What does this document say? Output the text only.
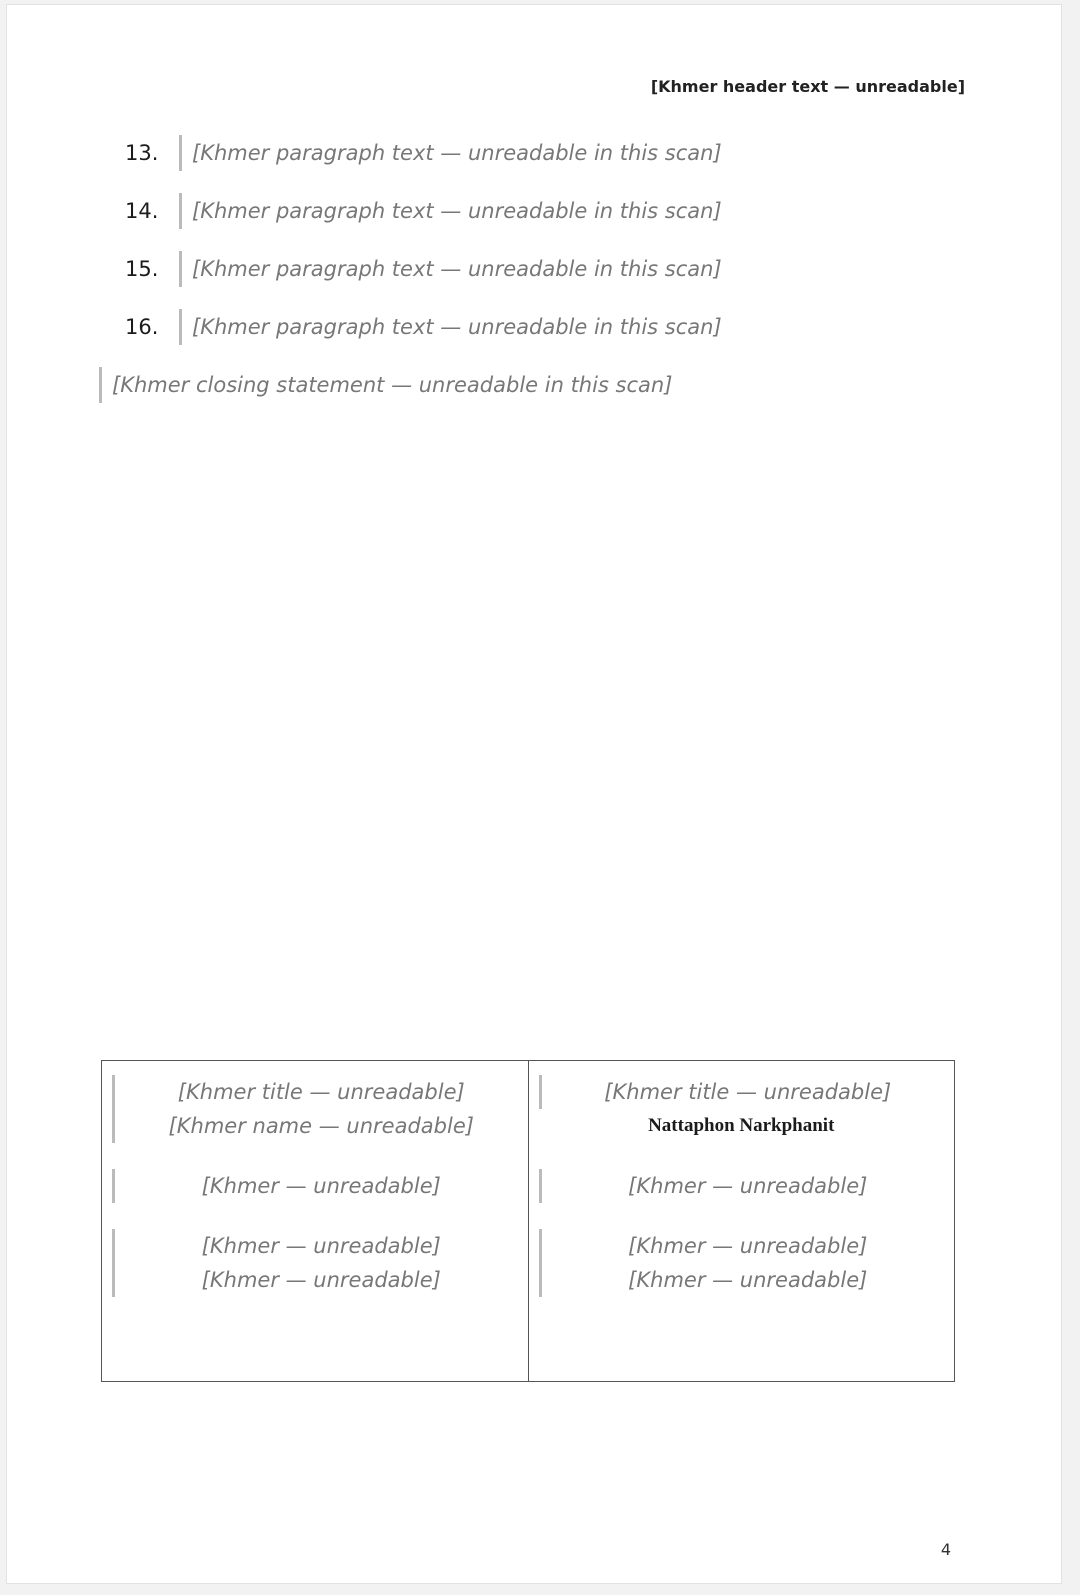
[Khmer header text — unreadable]
13.	[Khmer paragraph text — unreadable in this scan]
14.	[Khmer paragraph text — unreadable in this scan]
15.	[Khmer paragraph text — unreadable in this scan]
16.	[Khmer paragraph text — unreadable in this scan]
[Khmer closing statement — unreadable in this scan]
[Khmer title — unreadable]
[Khmer name — unreadable]
[Khmer — unreadable]
[Khmer — unreadable]
[Khmer — unreadable]

[Khmer title — unreadable]
Nattaphon Narkphanit
[Khmer — unreadable]
[Khmer — unreadable]
[Khmer — unreadable]
4
